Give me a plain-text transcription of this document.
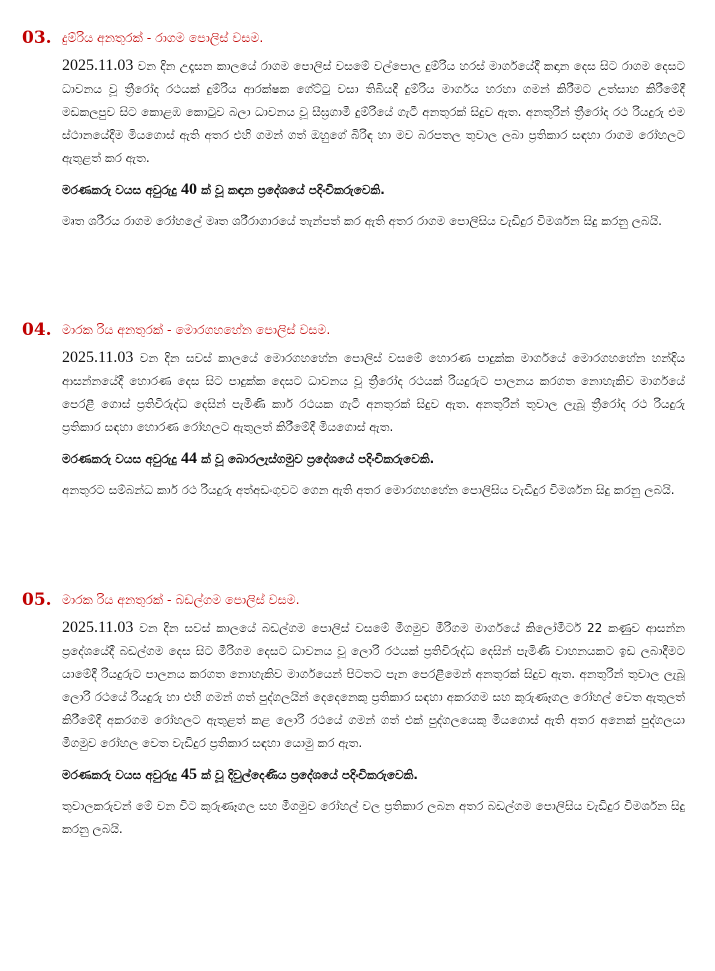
03. දුම්රිය අනතුරක් - රාගම පොලිස් වසම.

2025.11.03 වන දින උදෑසන කාලයේ රාගම පොලිස් වසමේ වල්පොල දුම්රිය හරස් මාර්ගයේදී කඳාන දෙස සිට රාගම දෙසට ධාවනය වූ ත්‍රීරෝද රථයක් දුම්රිය ආරක්ෂක ගේට්ටු වසා තිබියදී දුම්රිය මාර්ගය හරහා ගමන් කිරීමට උත්සාහ කිරීමේදී මඩකලපුව සිට කොළඹ කොටුව බලා ධාවනය වූ සීඝ්‍රගාමී දුම්රියේ ගැටී අනතුරක් සිදුව ඇත. අනතුරින් ත්‍රීරෝද රථ රියදුරු එම ස්ථානයේදීම මියගොස් ඇති අතර එහි ගමන් ගත් ඔහුගේ බිරිඳ හා මව බරපතල තුවාල ලබා ප්‍රතිකාර සඳහා රාගම රෝහලට ඇතුළත් කර ඇත.

මරණකරු වයස අවුරුදු 40 ක් වූ කඳාන ප්‍රදේශයේ පදිංචිකරුවෙකි.

මෘත ශරීරය රාගම රෝහලේ මෘත ශරීරාගාරයේ තැන්පත් කර ඇති අතර රාගම පොලිසිය වැඩිදුර විමර්ශන සිදු කරනු ලබයි.

04. මාරක රිය අනතුරක් - මොරගහහේන පොලිස් වසම.

2025.11.03 වන දින සවස් කාලයේ මොරගහහේන පොලිස් වසමේ හොරණ පාදුක්ක මාර්ගයේ මොරගහහේන හන්දිය ආසන්නයේදී හොරණ දෙස සිට පාදුක්ක දෙසට ධාවනය වූ ත්‍රීරෝද රථයක් රියදුරුට පාලනය කරගත නොහැකිව මාර්ගයේ පෙරළී ගොස් ප්‍රතිවිරුද්ධ දෙසින් පැමිණි කාර් රථයක ගැටී අනතුරක් සිදුව ඇත. අනතුරින් තුවාල ලැබූ ත්‍රීරෝද රථ රියදුරු ප්‍රතිකාර සඳහා හොරණ රෝහලට ඇතුලත් කිරීමේදී මියගොස් ඇත.

මරණකරු වයස අවුරුදු 44 ක් වූ බොරලැස්ගමුව ප්‍රදේශයේ පදිංචිකරුවෙකි.

අනතුරට සම්බන්ධ කාර් රථ රියදුරු අත්අඩංගුවට ගෙන ඇති අතර මොරගහහේන පොලිසිය වැඩිදුර විමර්ශන සිදු කරනු ලබයි.

05. මාරක රිය අනතුරක් - බඩල්ගම පොලිස් වසම.

2025.11.03 වන දින සවස් කාලයේ බඩල්ගම පොලිස් වසමේ මීගමුව මීරිගම මාර්ගයේ කිලෝමීටර් 22 කණුව ආසන්න ප්‍රදේශයේදී බඩල්ගම දෙස සිට මීරිගම දෙසට ධාවනය වූ ලොරි රථයක් ප්‍රතිවිරුද්ධ දෙසින් පැමිණි වාහනයකට ඉඩ ලබාදීමට යාමේදී රියදුරුට පාලනය කරගත නොහැකිව මාර්ගයෙන් පිටතට පැන පෙරළීමෙන් අනතුරක් සිදුව ඇත. අනතුරින් තුවාල ලැබූ ලොරි රථයේ රියදුරු හා එහි ගමන් ගත් පුද්ගලයින් දෙදෙනෙකු ප්‍රතිකාර සඳහා අකරගම සහ කුරුණෑගල රෝහල් වෙත ඇතුලත් කිරීමේදී අකරගම රෝහලට ඇතුළත් කළ ලොරි රථයේ ගමන් ගත් එක් පුද්ගලයෙකු මියගොස් ඇති අතර අනෙක් පුද්ගලයා මීගමුව රෝහල වෙත වැඩිදුර ප්‍රතිකාර සඳහා යොමු කර ඇත.

මරණකරු වයස අවුරුදු 45 ක් වූ දිවුල්දෙණිය ප්‍රදේශයේ පදිංචිකරුවෙකි.

තුවාලකරුවන් මේ වන විට කුරුණෑගල සහ මීගමුව රෝහල් වල ප්‍රතිකාර ලබන අතර බඩල්ගම පොලිසිය වැඩිදුර විමර්ශන සිදු කරනු ලබයි.
